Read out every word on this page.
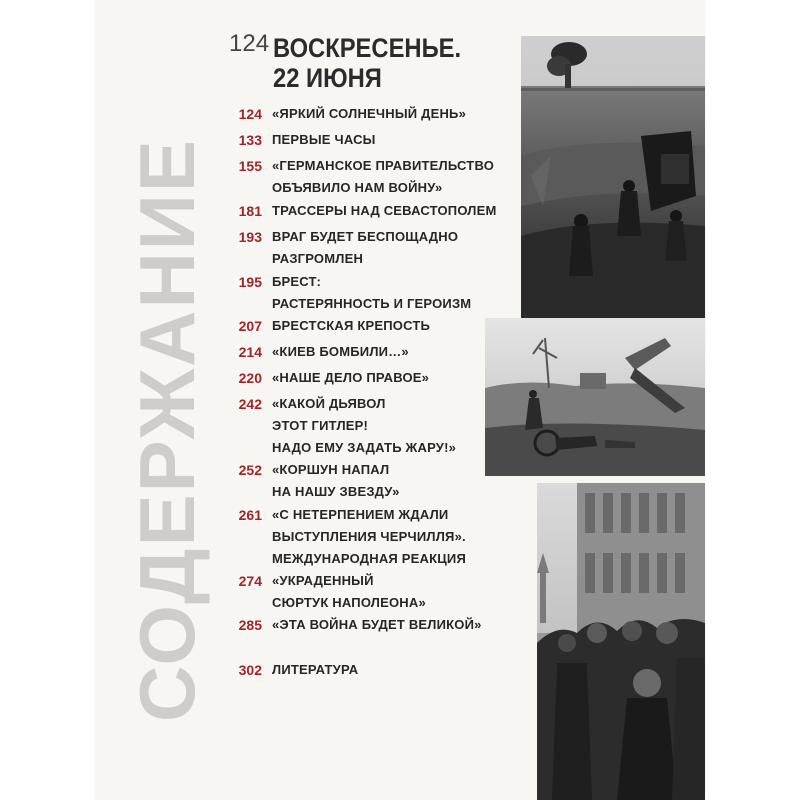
СОДЕРЖАНИЕ
124 ВОСКРЕСЕНЬЕ.
22 ИЮНЯ
124 «ЯРКИЙ СОЛНЕЧНЫЙ ДЕНЬ»
133 ПЕРВЫЕ ЧАСЫ
155 «ГЕРМАНСКОЕ ПРАВИТЕЛЬСТВО
ОБЪЯВИЛО НАМ ВОЙНУ»
181 ТРАССЕРЫ НАД СЕВАСТОПОЛЕМ
193 ВРАГ БУДЕТ БЕСПОЩАДНО
РАЗГРОМЛЕН
195 БРЕСТ:
РАСТЕРЯННОСТЬ И ГЕРОИЗМ
207 БРЕСТСКАЯ КРЕПОСТЬ
214 «КИЕВ БОМБИЛИ…»
220 «НАШЕ ДЕЛО ПРАВОЕ»
242 «КАКОЙ ДЬЯВОЛ
ЭТОТ ГИТЛЕР!
НАДО ЕМУ ЗАДАТЬ ЖАРУ!»
252 «КОРШУН НАПАЛ
НА НАШУ ЗВЕЗДУ»
261 «С НЕТЕРПЕНИЕМ ЖДАЛИ
ВЫСТУПЛЕНИЯ ЧЕРЧИЛЛЯ».
МЕЖДУНАРОДНАЯ РЕАКЦИЯ
274 «УКРАДЕННЫЙ
СЮРТУК НАПОЛЕОНА»
285 «ЭТА ВОЙНА БУДЕТ ВЕЛИКОЙ»
302 ЛИТЕРАТУРА
